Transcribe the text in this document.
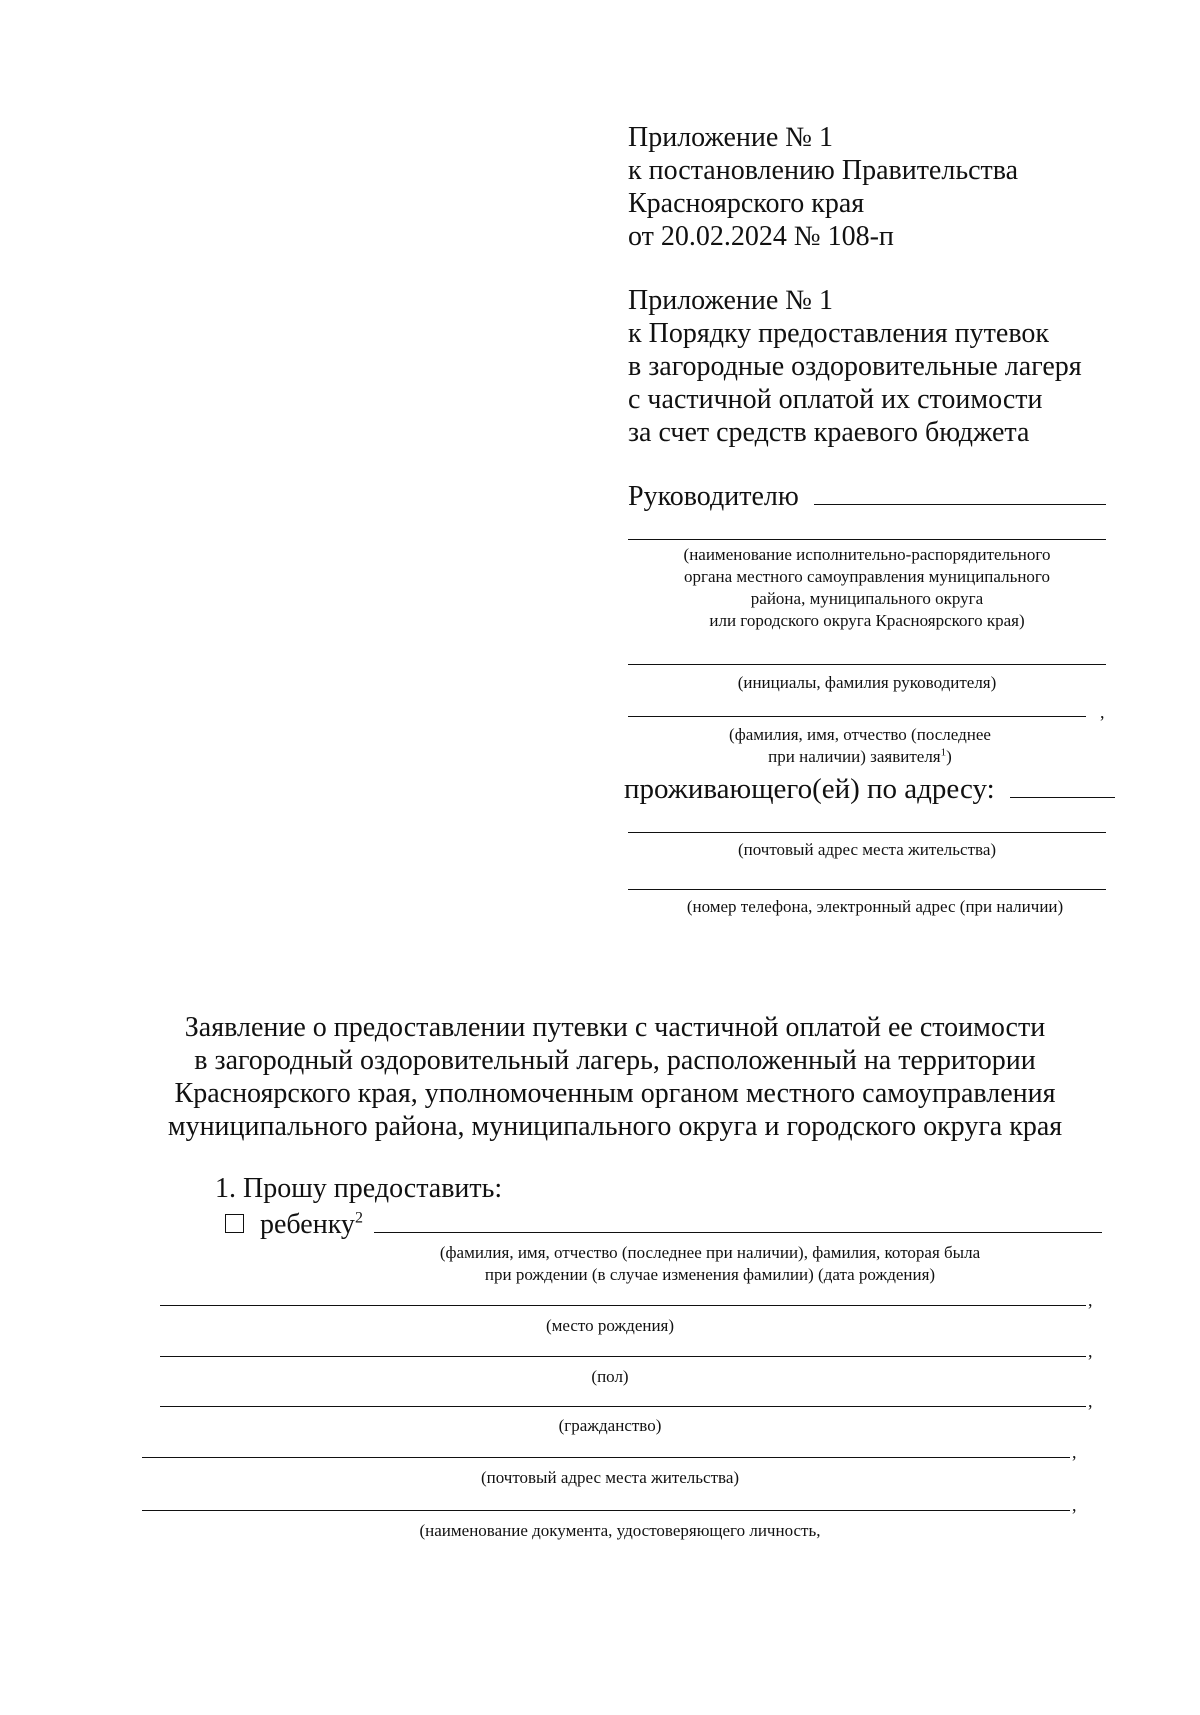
Приложение № 1
к постановлению Правительства
Красноярского края
от 20.02.2024 № 108-п
Приложение № 1
к Порядку предоставления путевок
в загородные оздоровительные лагеря
с частичной оплатой их стоимости
за счет средств краевого бюджета
Руководителю
(наименование исполнительно-распорядительного
органа местного самоуправления муниципального
района, муниципального округа
или городского округа Красноярского края)
(инициалы, фамилия руководителя)
,
(фамилия, имя, отчество (последнее
при наличии) заявителя$^1$)
проживающего(ей) по адресу:
(почтовый адрес места жительства)
(номер телефона, электронный адрес (при наличии)
Заявление о предоставлении путевки с частичной оплатой ее стоимости
в загородный оздоровительный лагерь, расположенный на территории
Красноярского края, уполномоченным органом местного самоуправления
муниципального района, муниципального округа и городского округа края
1. Прошу предоставить:
ребенку$^2$
(фамилия, имя, отчество (последнее при наличии), фамилия, которая была
при рождении (в случае изменения фамилии) (дата рождения)
,
(место рождения)
,
(пол)
,
(гражданство)
,
(почтовый адрес места жительства)
,
(наименование документа, удостоверяющего личность,
